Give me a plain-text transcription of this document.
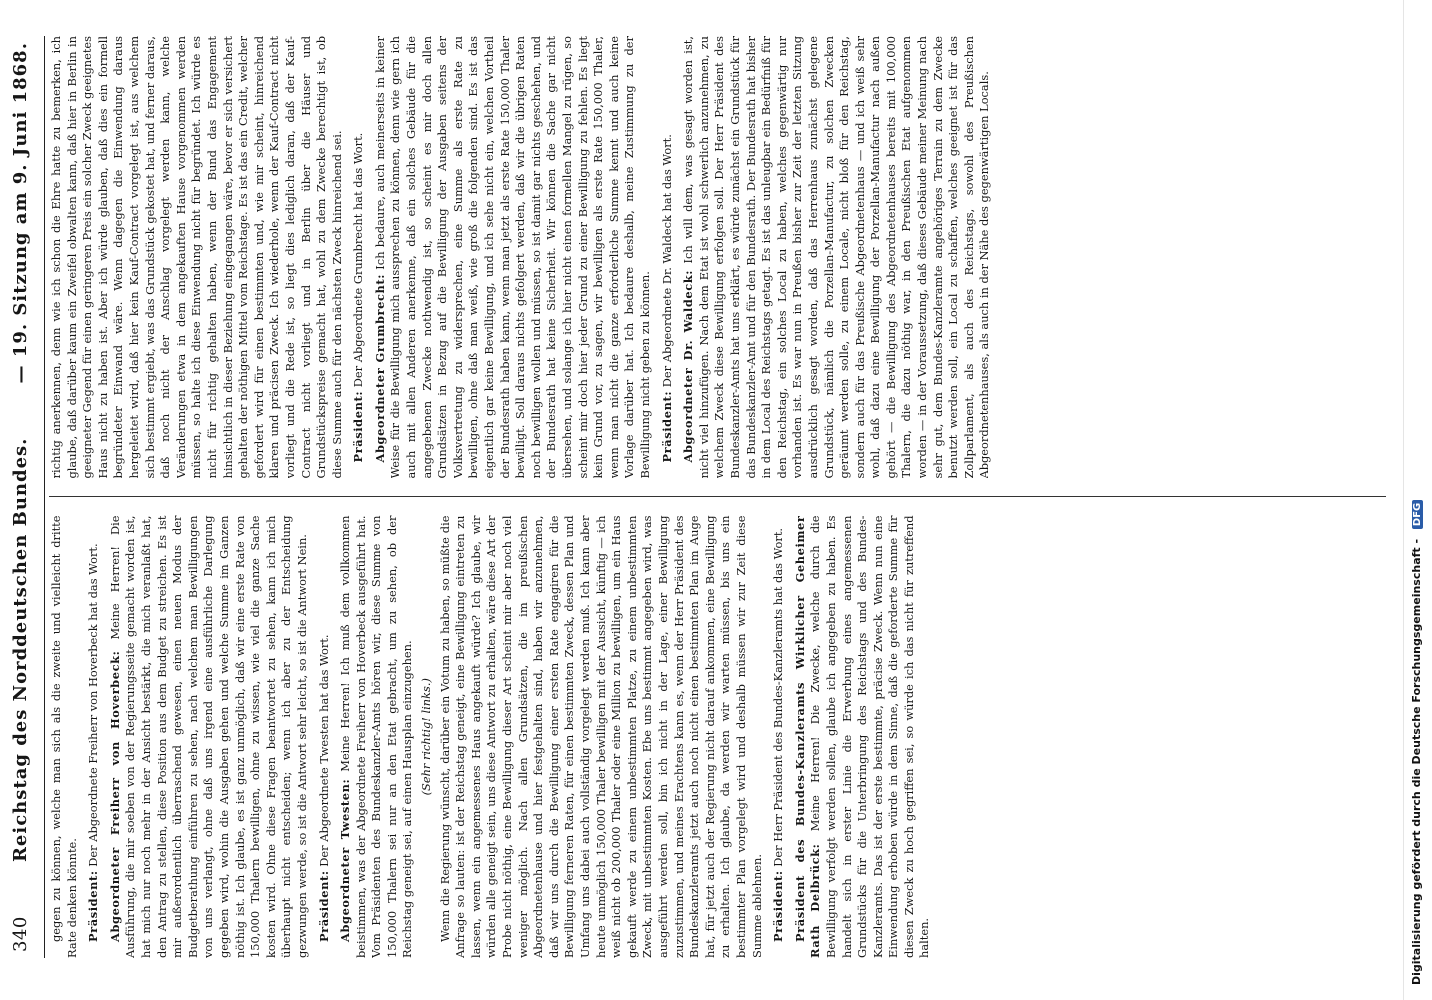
340
Reichstag des Norddeutschen Bundes.
— 19. Sitzung am 9. Juni 1868.

gegen zu können, welche man sich als die zweite und vielleicht dritte Rate denken könnte. Präsident: Der Abgeordnete Freiherr von Hoverbeck hat das Wort. Abgeordneter Freiherr von Hoverbeck: Meine Herren! Die Ausführung, die mir soeben von der Regierungsseite gemacht worden ist, hat mich nur noch mehr in der Ansicht bestärkt, die mich veranlaßt hat, den Antrag zu stellen, diese Position aus dem Budget zu streichen. Es ist mir außerordentlich überraschend gewesen, einen neuen Modus der Budgetberathung einführen zu sehen, nach welchem man Bewilligungen von uns verlangt, ohne daß uns irgend eine ausführliche Darlegung gegeben wird, wohin die Ausgaben gehen und welche Summe im Ganzen nöthig ist. Ich glaube, es ist ganz unmöglich, daß wir eine erste Rate von 150,000 Thalern bewilligen, ohne zu wissen, wie viel die ganze Sache kosten wird. Ohne diese Fragen beantwortet zu sehen, kann ich mich überhaupt nicht entscheiden; wenn ich aber zu der Entscheidung gezwungen werde, so ist die Antwort sehr leicht, so ist die Antwort Nein. Präsident: Der Abgeordnete Twesten hat das Wort. Abgeordneter Twesten: Meine Herren! Ich muß dem vollkommen beistimmen, was der Abgeordnete Freiherr von Hoverbeck ausgeführt hat. Vom Präsidenten des Bundeskanzler-Amts hören wir, diese Summe von 150,000 Thalern sei nur an den Etat gebracht, um zu sehen, ob der Reichstag geneigt sei, auf einen Hausplan einzugehen. (Sehr richtig! links.) Wenn die Regierung wünscht, darüber ein Votum zu haben, so müßte die Anfrage so lauten: ist der Reichstag geneigt, eine Bewilligung eintreten zu lassen, wenn ein angemessenes Haus angekauft würde? Ich glaube, wir würden alle geneigt sein, uns diese Antwort zu erhalten, wäre diese Art der Probe nicht nöthig, eine Bewilligung dieser Art scheint mir aber noch viel weniger möglich. Nach allen Grundsätzen, die im preußischen Abgeordnetenhause und hier festgehalten sind, haben wir anzunehmen, daß wir uns durch die Bewilligung einer ersten Rate engagiren für die Bewilligung ferneren Raten, für einen bestimmten Zweck, dessen Plan und Umfang uns dabei auch vollständig vorgelegt werden muß. Ich kann aber heute unmöglich 150,000 Thaler bewilligen mit der Aussicht, künftig — ich weiß nicht ob 200,000 Thaler oder eine Million zu bewilligen, um ein Haus gekauft werde zu einem unbestimmten Platze, zu einem unbestimmten Zweck, mit unbestimmten Kosten. Ebe uns bestimmt angegeben wird, was ausgeführt werden soll, bin ich nicht in der Lage, einer Bewilligung zuzustimmen, und meines Erachtens kann es, wenn der Herr Präsident des Bundeskanzleramts jetzt auch noch nicht einen bestimmten Plan im Auge hat, für jetzt auch der Regierung nicht darauf ankommen, eine Bewilligung zu erhalten. Ich glaube, da werden wir warten müssen, bis uns ein bestimmter Plan vorgelegt wird und deshalb müssen wir zur Zeit diese Summe ablehnen. Präsident: Der Herr Präsident des Bundes-Kanzleramts hat das Wort. Präsident des Bundes-Kanzleramts Wirklicher Geheimer Rath Delbrück: Meine Herren! Die Zwecke, welche durch die Bewilligung verfolgt werden sollen, glaube ich angegeben zu haben. Es handelt sich in erster Linie die Erwerbung eines angemessenen Grundstücks für die Unterbringung des Reichstags und des Bundes-Kanzleramts. Das ist der erste bestimmte, präcise Zweck. Wenn nun eine Einwendung erhoben würde in dem Sinne, daß die geforderte Summe für diesen Zweck zu hoch gegriffen sei, so würde ich das nicht für zutreffend halten.

richtig anerkennen, denn wie ich schon die Ehre hatte zu bemerken, ich glaube, daß darüber kaum ein Zweifel obwalten kann, daß hier in Berlin in geeigneter Gegend für einen geringeren Preis ein solcher Zweck geeignetes Haus nicht zu haben ist. Aber ich würde glauben, daß dies ein formell begründeter Einwand wäre. Wenn dagegen die Einwendung daraus hergeleitet wird, daß hier kein Kauf-Contract vorgelegt ist, aus welchem sich bestimmt ergiebt, was das Grundstück gekostet hat, und ferner daraus, daß noch nicht der Anschlag vorgelegt werden kann, welche Veränderungen etwa in dem angekauften Hause vorgenommen werden müssen, so halte ich diese Einwendung nicht für begründet. Ich würde es nicht für richtig gehalten haben, wenn der Bund das Engagement hinsichtlich in dieser Beziehung eingegangen wäre, bevor er sich versichert gehalten der nöthigen Mittel vom Reichstage. Es ist das ein Credit, welcher gefordert wird für einen bestimmten und, wie mir scheint, hinreichend klaren und präcisen Zweck. Ich wiederhole, wenn der Kauf-Contract nicht vorliegt und die Rede ist, so liegt dies lediglich daran, daß der Kauf-Contract nicht vorliegt und in Berlin über die Häuser und Grundstückspreise gemacht hat, wohl zu dem Zwecke berechtigt ist, ob diese Summe auch für den nächsten Zweck hinreichend sei. Präsident: Der Abgeordnete Grumbrecht hat das Wort. Abgeordneter Grumbrecht: Ich bedaure, auch meinerseits in keiner Weise für die Bewilligung mich aussprechen zu können, denn wie gern ich auch mit allen Anderen anerkenne, daß ein solches Gebäude für die angegebenen Zwecke nothwendig ist, so scheint es mir doch allen Grundsätzen in Bezug auf die Bewilligung der Ausgaben seitens der Volksvertretung zu widersprechen, eine Summe als erste Rate zu bewilligen, ohne daß man weiß, wie groß die folgenden sind. Es ist das eigentlich gar keine Bewilligung, und ich sehe nicht ein, welchen Vortheil der Bundesrath haben kann, wenn man jetzt als erste Rate 150,000 Thaler bewilligt. Soll daraus nichts gefolgert werden, daß wir die übrigen Raten noch bewilligen wollen und müssen, so ist damit gar nichts geschehen, und der Bundesrath hat keine Sicherheit. Wir können die Sache gar nicht übersehen, und solange ich hier nicht einen formellen Mangel zu rügen, so scheint mir doch hier jeder Grund zu einer Bewilligung zu fehlen. Es liegt kein Grund vor, zu sagen, wir bewilligen als erste Rate 150,000 Thaler, wenn man nicht die ganze erforderliche Summe kennt und auch keine Vorlage darüber hat. Ich bedaure deshalb, meine Zustimmung zu der Bewilligung nicht geben zu können. Präsident: Der Abgeordnete Dr. Waldeck hat das Wort. Abgeordneter Dr. Waldeck: Ich will dem, was gesagt worden ist, nicht viel hinzufügen. Nach dem Etat ist wohl schwerlich anzunehmen, zu welchem Zweck diese Bewilligung erfolgen soll. Der Herr Präsident des Bundeskanzler-Amts hat uns erklärt, es würde zunächst ein Grundstück für das Bundeskanzler-Amt und für den Bundesrath. Der Bundesrath hat bisher in dem Local des Reichstags getagt. Es ist das unleugbar ein Bedürfniß für den Reichstag, ein solches Local zu haben, welches gegenwärtig nur vorhanden ist. Es war nun in Preußen bisher zur Zeit der letzten Sitzung ausdrücklich gesagt worden, daß das Herrenhaus zunächst gelegene Grundstück, nämlich die Porzellan-Manufactur, zu solchen Zwecken geräumt werden solle, zu einem Locale, nicht bloß für den Reichstag, sondern auch für das Preußische Abgeordnetenhaus — und ich weiß sehr wohl, daß dazu eine Bewilligung der Porzellan-Manufactur nach außen gehört — die Bewilligung des Abgeordnetenhauses bereits mit 100,000 Thalern, die dazu nöthig war, in den Preußischen Etat aufgenommen worden — in der Voraussetzung, daß dieses Gebäude meiner Meinung nach sehr gut, dem Bundes-Kanzleramte angehöriges Terrain zu dem Zwecke benutzt werden soll, ein Local zu schaffen, welches geeignet ist für das Zollparlament, als auch des Reichstags, sowohl des Preußischen Abgeordnetenhauses, als auch in der Nähe des gegenwärtigen Locals.

Digitalisierung gefördert durch die Deutsche Forschungsgemeinschaft - DFG
